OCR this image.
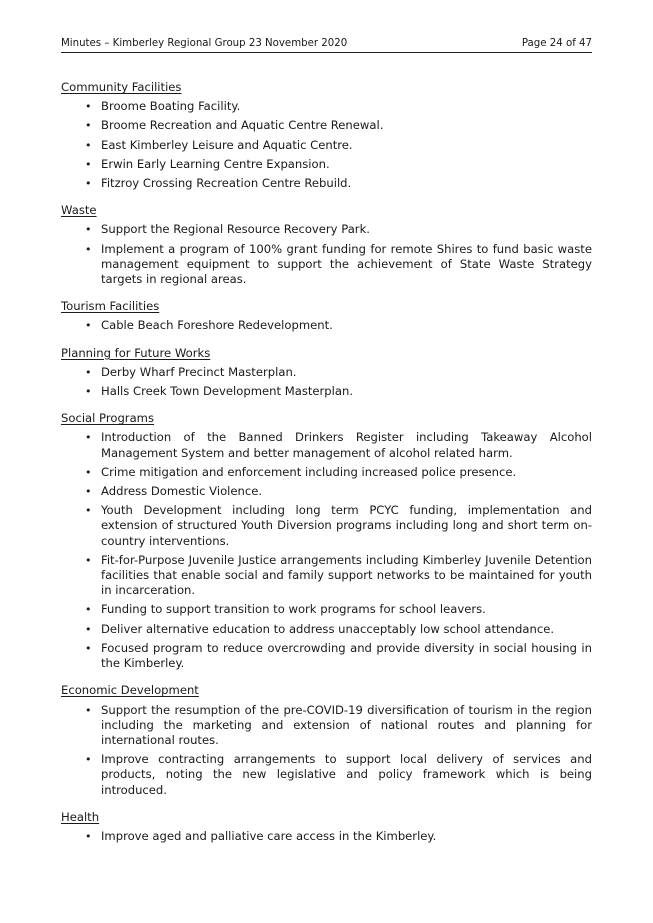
Minutes – Kimberley Regional Group 23 November 2020	Page 24 of 47
Community Facilities
• Broome Boating Facility.
• Broome Recreation and Aquatic Centre Renewal.
• East Kimberley Leisure and Aquatic Centre.
• Erwin Early Learning Centre Expansion.
• Fitzroy Crossing Recreation Centre Rebuild.
Waste
• Support the Regional Resource Recovery Park.
• Implement a program of 100% grant funding for remote Shires to fund basic waste management equipment to support the achievement of State Waste Strategy targets in regional areas.
Tourism Facilities
• Cable Beach Foreshore Redevelopment.
Planning for Future Works
• Derby Wharf Precinct Masterplan.
• Halls Creek Town Development Masterplan.
Social Programs
• Introduction of the Banned Drinkers Register including Takeaway Alcohol Management System and better management of alcohol related harm.
• Crime mitigation and enforcement including increased police presence.
• Address Domestic Violence.
• Youth Development including long term PCYC funding, implementation and extension of structured Youth Diversion programs including long and short term on-country interventions.
• Fit-for-Purpose Juvenile Justice arrangements including Kimberley Juvenile Detention facilities that enable social and family support networks to be maintained for youth in incarceration.
• Funding to support transition to work programs for school leavers.
• Deliver alternative education to address unacceptably low school attendance.
• Focused program to reduce overcrowding and provide diversity in social housing in the Kimberley.
Economic Development
• Support the resumption of the pre-COVID-19 diversification of tourism in the region including the marketing and extension of national routes and planning for international routes.
• Improve contracting arrangements to support local delivery of services and products, noting the new legislative and policy framework which is being introduced.
Health
• Improve aged and palliative care access in the Kimberley.
